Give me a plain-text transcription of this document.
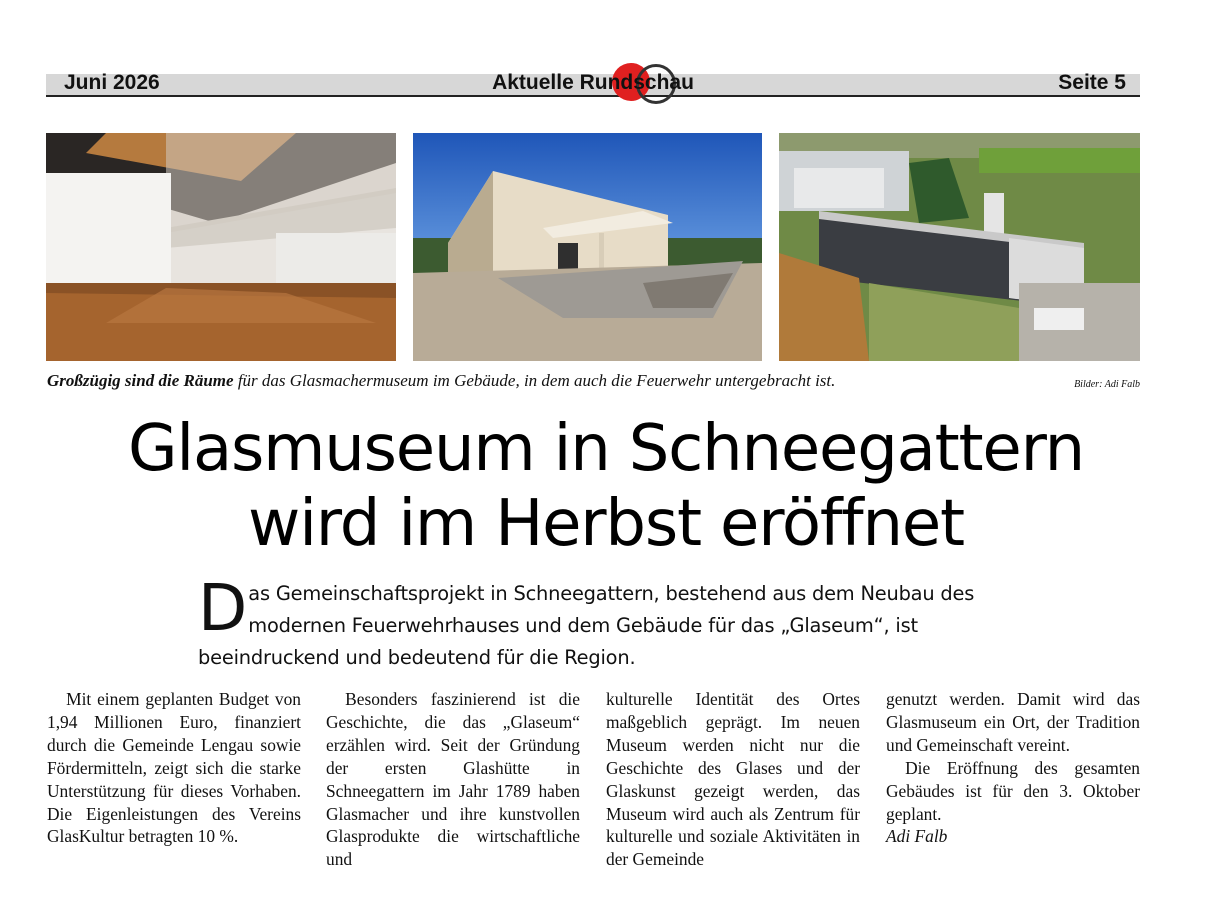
Juni 2026	Aktuelle Rundschau	Seite 5
Großzügig sind die Räume für das Glasmachermuseum im Gebäude, in dem auch die Feuerwehr untergebracht ist.	Bilder: Adi Falb
Glasmuseum in Schneegattern
wird im Herbst eröffnet
Das Gemeinschaftsprojekt in Schneegattern, bestehend aus dem Neubau des modernen Feuerwehrhauses und dem Gebäude für das „Glaseum“, ist beeindruckend und bedeutend für die Region.

Mit einem geplanten Budget von 1,94 Millionen Euro, finanziert durch die Gemeinde Lengau sowie Fördermitteln, zeigt sich die starke Unterstützung für dieses Vorhaben. Die Eigenleistungen des Vereins GlasKultur betragten 10 %.

Besonders faszinierend ist die Geschichte, die das „Glaseum“ erzählen wird. Seit der Gründung der ersten Glashütte in Schneegattern im Jahr 1789 haben Glasmacher und ihre kunstvollen Glasprodukte die wirtschaftliche und

kulturelle Identität des Ortes maßgeblich geprägt. Im neuen Museum werden nicht nur die Geschichte des Glases und der Glaskunst gezeigt werden, das Museum wird auch als Zentrum für kulturelle und soziale Aktivitäten in der Gemeinde

genutzt werden. Damit wird das Glasmuseum ein Ort, der Tradition und Gemeinschaft vereint.

Die Eröffnung des gesamten Gebäudes ist für den 3. Oktober geplant.

Adi Falb
